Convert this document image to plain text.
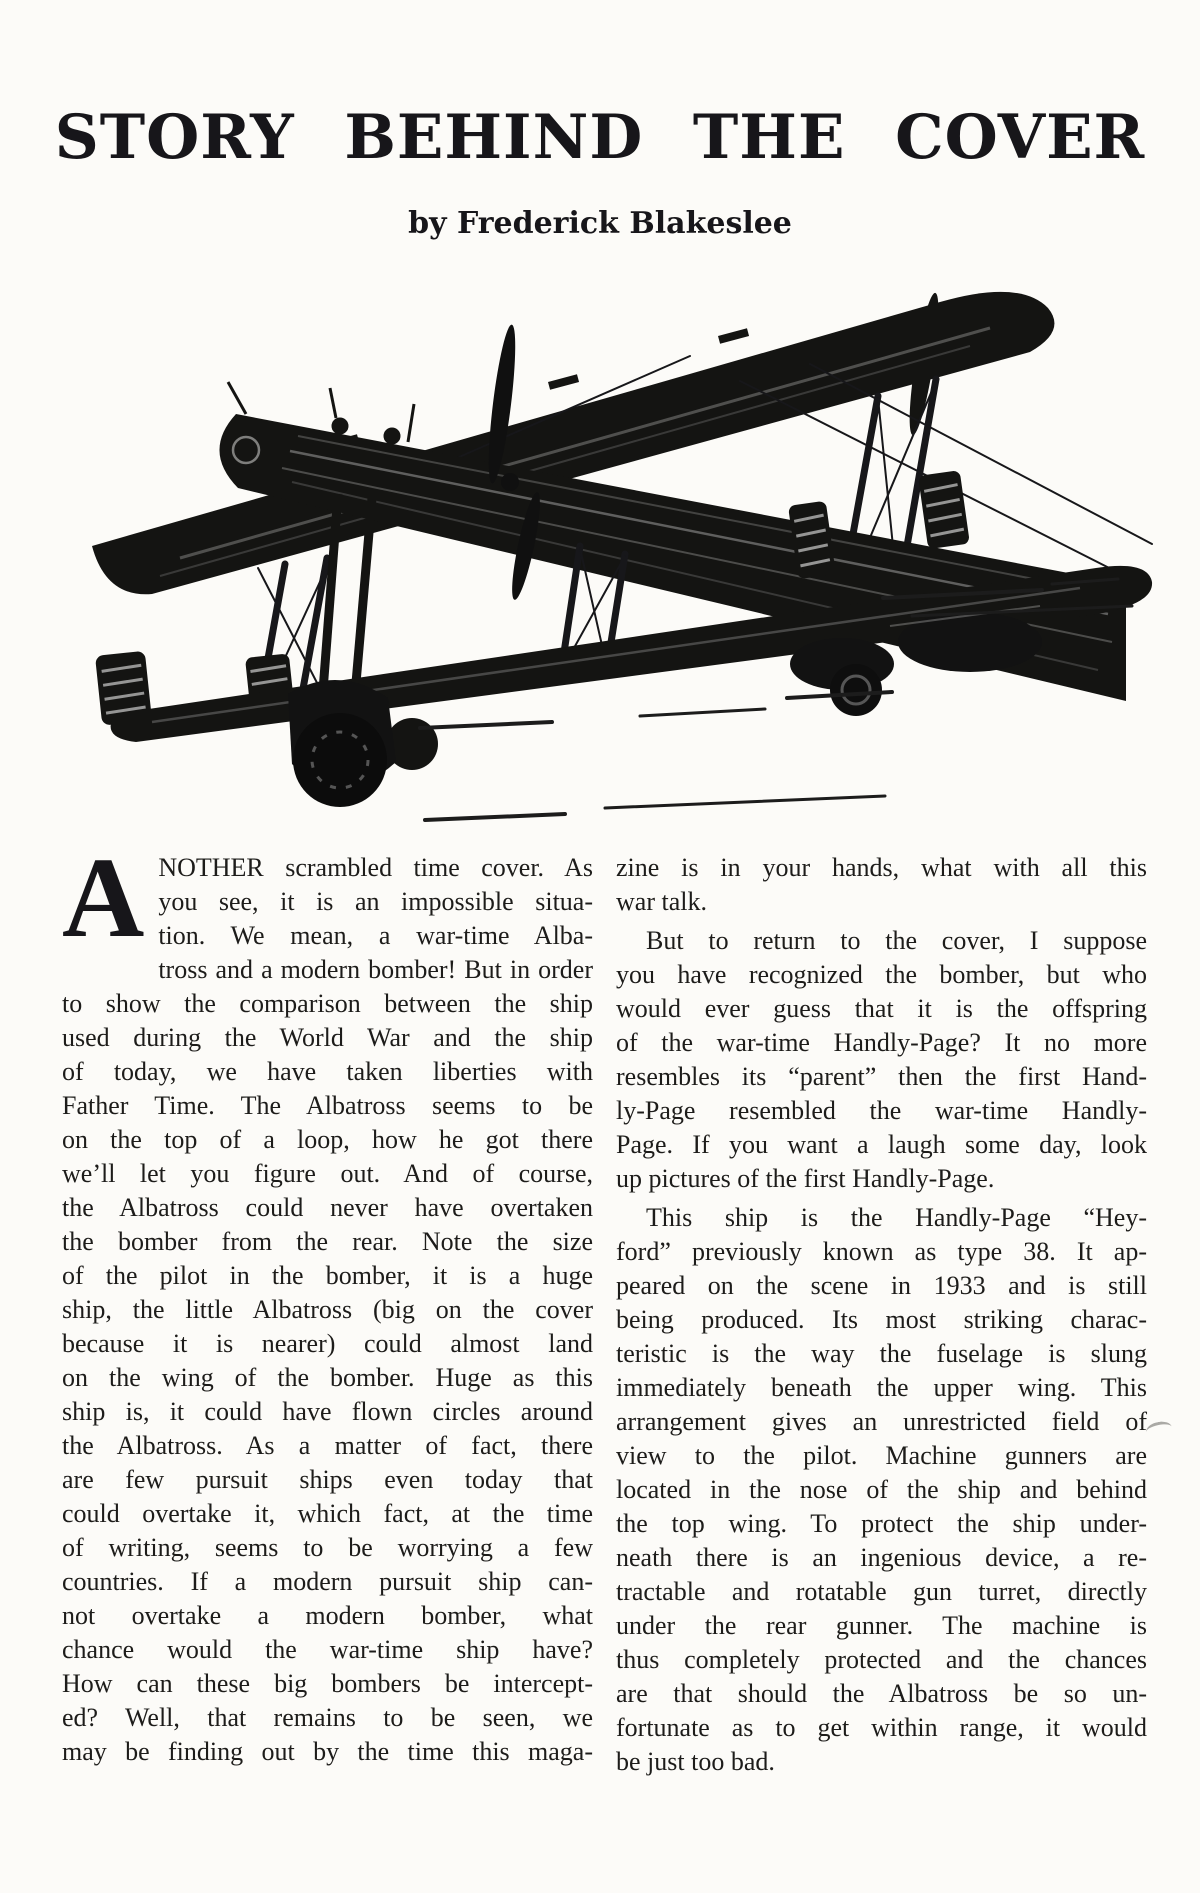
STORY BEHIND THE COVER
by Frederick Blakeslee
A NOTHER scrambled time cover. As
you see, it is an impossible situa-
tion. We mean, a war-time Alba-
tross and a modern bomber! But in order
to show the comparison between the ship
used during the World War and the ship
of today, we have taken liberties with
Father Time. The Albatross seems to be
on the top of a loop, how he got there
we’ll let you figure out. And of course,
the Albatross could never have overtaken
the bomber from the rear. Note the size
of the pilot in the bomber, it is a huge
ship, the little Albatross (big on the cover
because it is nearer) could almost land
on the wing of the bomber. Huge as this
ship is, it could have flown circles around
the Albatross. As a matter of fact, there
are few pursuit ships even today that
could overtake it, which fact, at the time
of writing, seems to be worrying a few
countries. If a modern pursuit ship can-
not overtake a modern bomber, what
chance would the war-time ship have?
How can these big bombers be intercept-
ed? Well, that remains to be seen, we
may be finding out by the time this maga-
zine is in your hands, what with all this
war talk.
But to return to the cover, I suppose
you have recognized the bomber, but who
would ever guess that it is the offspring
of the war-time Handly-Page? It no more
resembles its “parent” then the first Hand-
ly-Page resembled the war-time Handly-
Page. If you want a laugh some day, look
up pictures of the first Handly-Page.
This ship is the Handly-Page “Hey-
ford” previously known as type 38. It ap-
peared on the scene in 1933 and is still
being produced. Its most striking charac-
teristic is the way the fuselage is slung
immediately beneath the upper wing. This
arrangement gives an unrestricted field of
view to the pilot. Machine gunners are
located in the nose of the ship and behind
the top wing. To protect the ship under-
neath there is an ingenious device, a re-
tractable and rotatable gun turret, directly
under the rear gunner. The machine is
thus completely protected and the chances
are that should the Albatross be so un-
fortunate as to get within range, it would
be just too bad.
